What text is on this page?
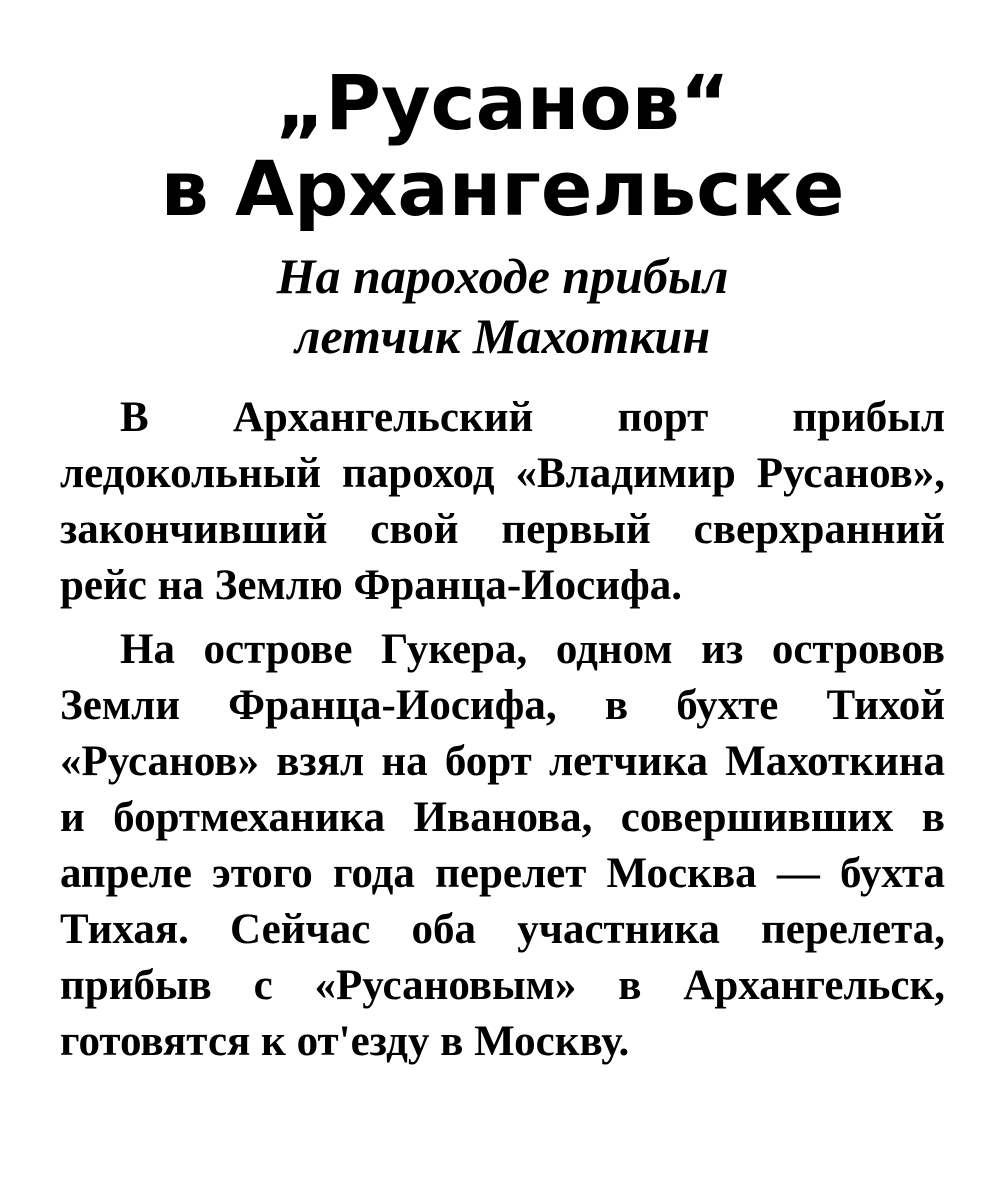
„Русанов“
в Архангельске
На пароходе прибыл
летчик Махоткин

В Архангельский порт прибыл ледокольный пароход «Владимир Русанов», закончивший свой первый сверхранний рейс на Землю Франца-Иосифа.

На острове Гукера, одном из островов Земли Франца-Иосифа, в бухте Тихой «Русанов» взял на борт летчика Махоткина и бортмеханика Иванова, совершивших в апреле этого года перелет Москва — бухта Тихая. Сейчас оба участника перелета, прибыв с «Русановым» в Архангельск, готовятся к от'езду в Москву.
